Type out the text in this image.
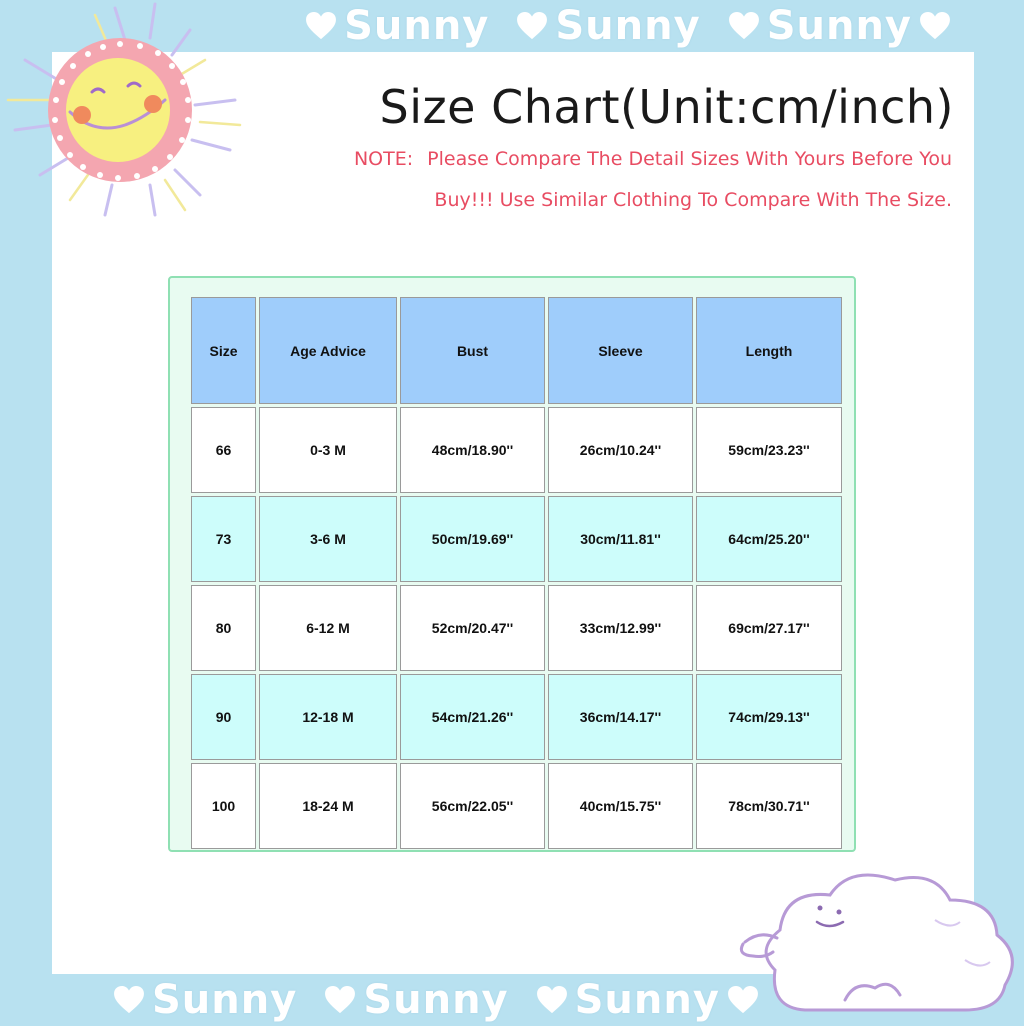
Sunny Sunny Sunny
Size Chart(Unit:cm/inch)
NOTE: Please Compare The Detail Sizes With Yours Before You
Buy!!! Use Similar Clothing To Compare With The Size.
Size	Age Advice	Bust	Sleeve	Length
66	0-3 M	48cm/18.90''	26cm/10.24''	59cm/23.23''
73	3-6 M	50cm/19.69''	30cm/11.81''	64cm/25.20''
80	6-12 M	52cm/20.47''	33cm/12.99''	69cm/27.17''
90	12-18 M	54cm/21.26''	36cm/14.17''	74cm/29.13''
100	18-24 M	56cm/22.05''	40cm/15.75''	78cm/30.71''
Sunny Sunny Sunny
